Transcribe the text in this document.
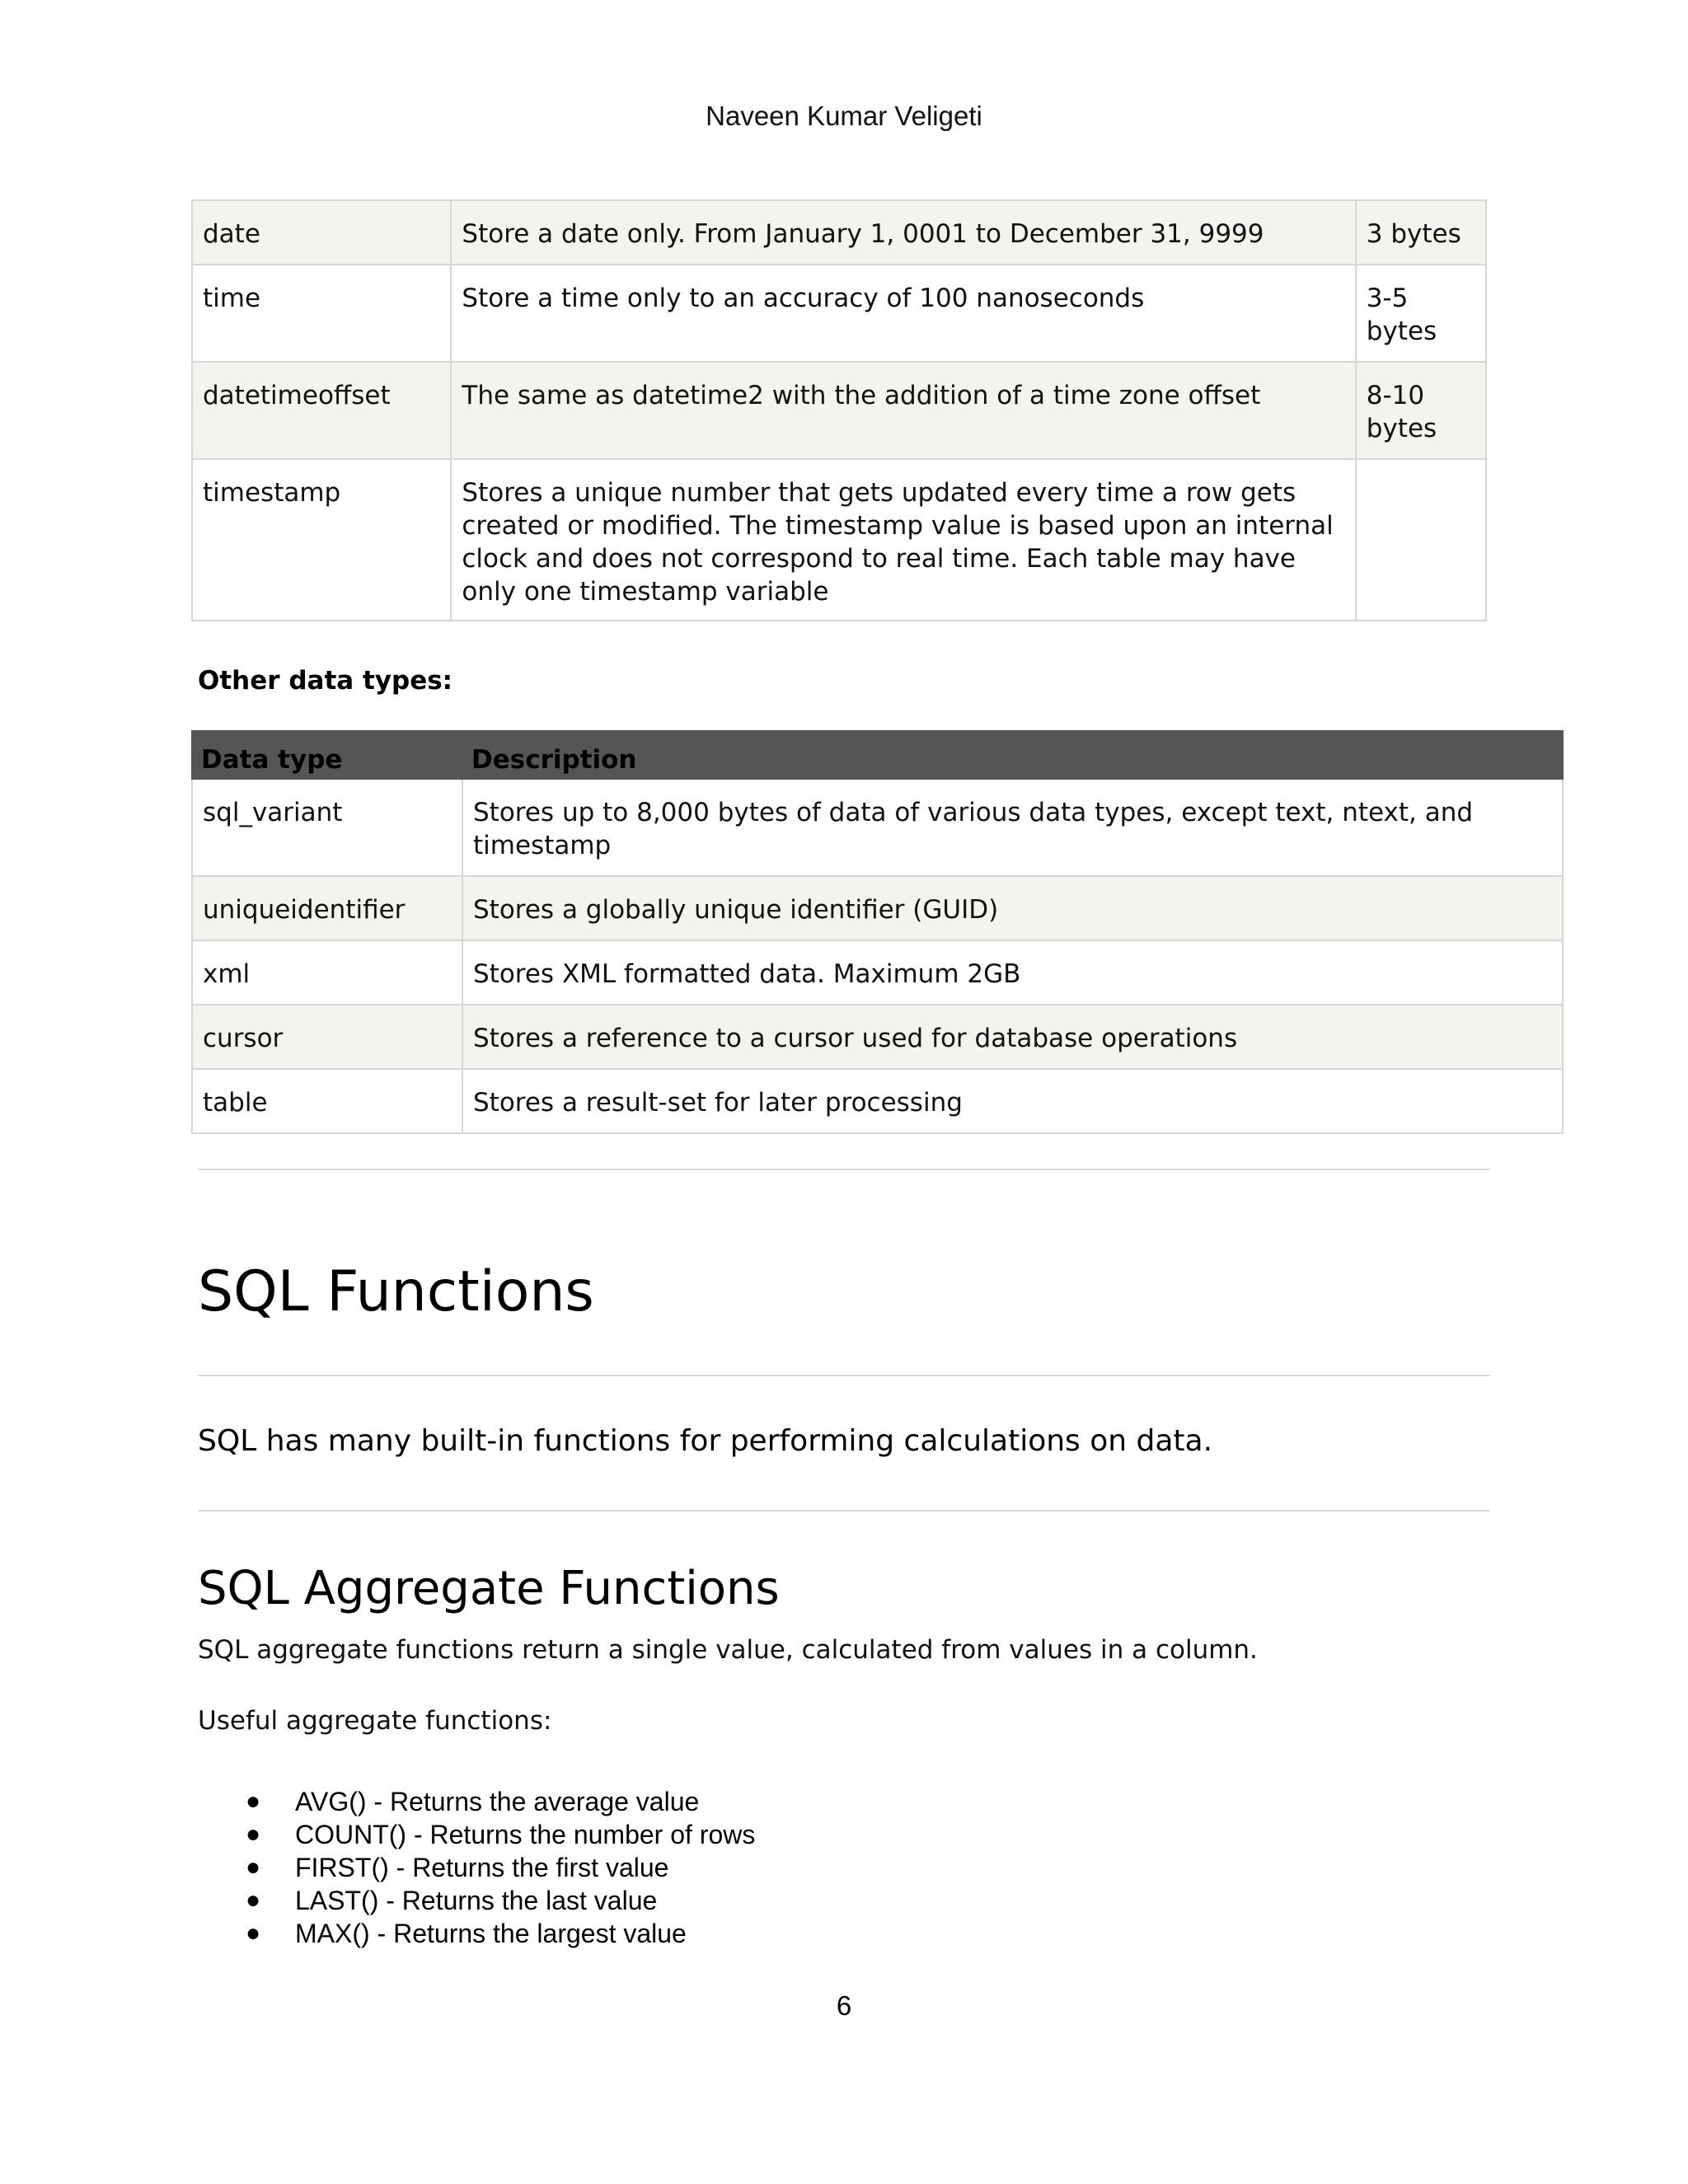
Naveen Kumar Veligeti
date	Store a date only. From January 1, 0001 to December 31, 9999	3 bytes
time	Store a time only to an accuracy of 100 nanoseconds	3-5 bytes
datetimeoffset	The same as datetime2 with the addition of a time zone offset	8-10 bytes
timestamp	Stores a unique number that gets updated every time a row gets created or modified. The timestamp value is based upon an internal clock and does not correspond to real time. Each table may have only one timestamp variable	
Other data types:
Data type	Description
sql_variant	Stores up to 8,000 bytes of data of various data types, except text, ntext, and timestamp
uniqueidentifier	Stores a globally unique identifier (GUID)
xml	Stores XML formatted data. Maximum 2GB
cursor	Stores a reference to a cursor used for database operations
table	Stores a result-set for later processing
SQL Functions

SQL has many built-in functions for performing calculations on data.

SQL Aggregate Functions

SQL aggregate functions return a single value, calculated from values in a column.

Useful aggregate functions:

● AVG() - Returns the average value
● COUNT() - Returns the number of rows
● FIRST() - Returns the first value
● LAST() - Returns the last value
● MAX() - Returns the largest value
6
